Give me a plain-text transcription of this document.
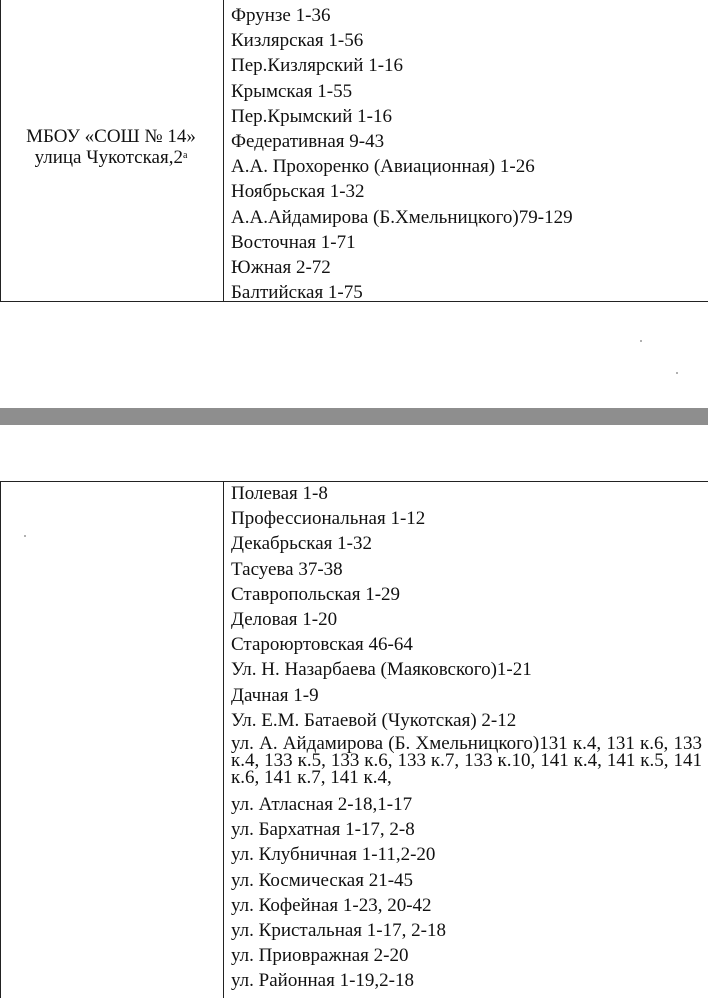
МБОУ «СОШ № 14»
улица $Чукотская,2^а$
Фрунзе 1-36
Кизлярская 1-56
Пер.Кизлярский 1-16
Крымская 1-55
Пер.Крымский 1-16
Федеративная 9-43
А.А. Прохоренко (Авиационная) 1-26
Ноябрьская 1-32
А.А.Айдамирова (Б.Хмельницкого)79-129
Восточная 1-71
Южная 2-72
Балтийская 1-75
Полевая 1-8
Профессиональная 1-12
Декабрьская 1-32
Тасуева 37-38
Ставропольская 1-29
Деловая 1-20
Староюртовская 46-64
Ул. Н. Назарбаева (Маяковского)1-21
Дачная 1-9
Ул. Е.М. Батаевой (Чукотская) 2-12
ул. А. Айдамирова (Б. Хмельницкого)131 к.4, 131 к.6, 133 к.4, 133 к.5, 133 к.6, 133 к.7, 133 к.10, 141 к.4, 141 к.5, 141 к.6, 141 к.7, 141 к.4,
ул. Атласная 2-18,1-17
ул. Бархатная 1-17, 2-8
ул. Клубничная 1-11,2-20
ул. Космическая 21-45
ул. Кофейная 1-23, 20-42
ул. Кристальная 1-17, 2-18
ул. Приовражная 2-20
ул. Районная 1-19,2-18
